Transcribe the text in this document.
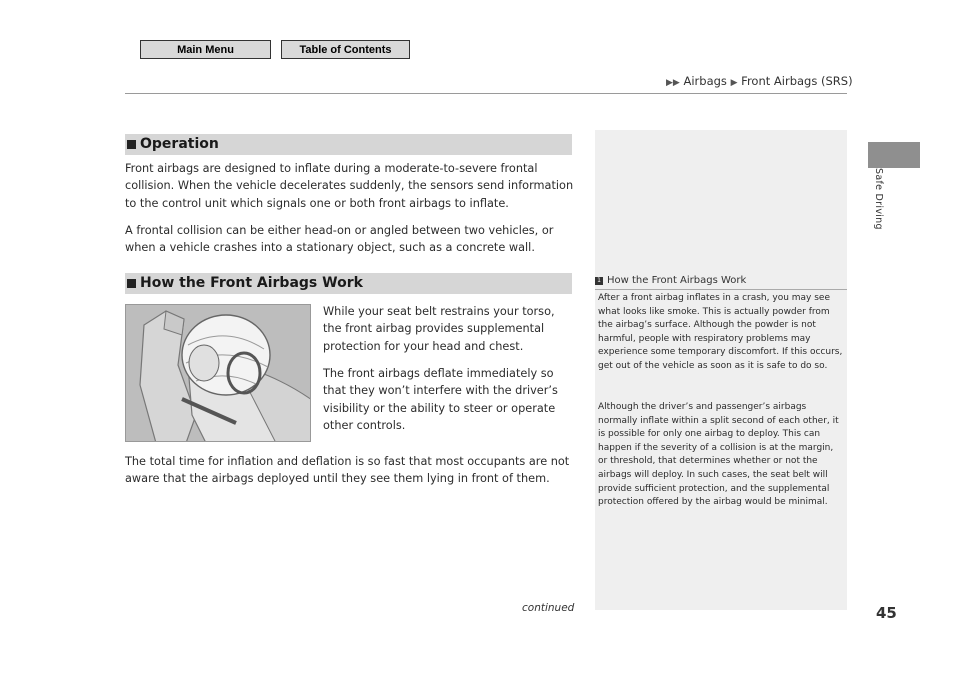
Main Menu	Table of Contents
▶▶ Airbags ▶ Front Airbags (SRS)
Safe Driving
Operation

Front airbags are designed to inflate during a moderate-to-severe frontal collision. When the vehicle decelerates suddenly, the sensors send information to the control unit which signals one or both front airbags to inflate.

A frontal collision can be either head-on or angled between two vehicles, or when a vehicle crashes into a stationary object, such as a concrete wall.

How the Front Airbags Work

While your seat belt restrains your torso, the front airbag provides supplemental protection for your head and chest.

The front airbags deflate immediately so that they won’t interfere with the driver’s visibility or the ability to steer or operate other controls.

The total time for inflation and deflation is so fast that most occupants are not aware that the airbags deployed until they see them lying in front of them.

1 How the Front Airbags Work

After a front airbag inflates in a crash, you may see what looks like smoke. This is actually powder from the airbag’s surface. Although the powder is not harmful, people with respiratory problems may experience some temporary discomfort. If this occurs, get out of the vehicle as soon as it is safe to do so.

Although the driver’s and passenger’s airbags normally inflate within a split second of each other, it is possible for only one airbag to deploy. This can happen if the severity of a collision is at the margin, or threshold, that determines whether or not the airbags will deploy. In such cases, the seat belt will provide sufficient protection, and the supplemental protection offered by the airbag would be minimal.

continued	45
